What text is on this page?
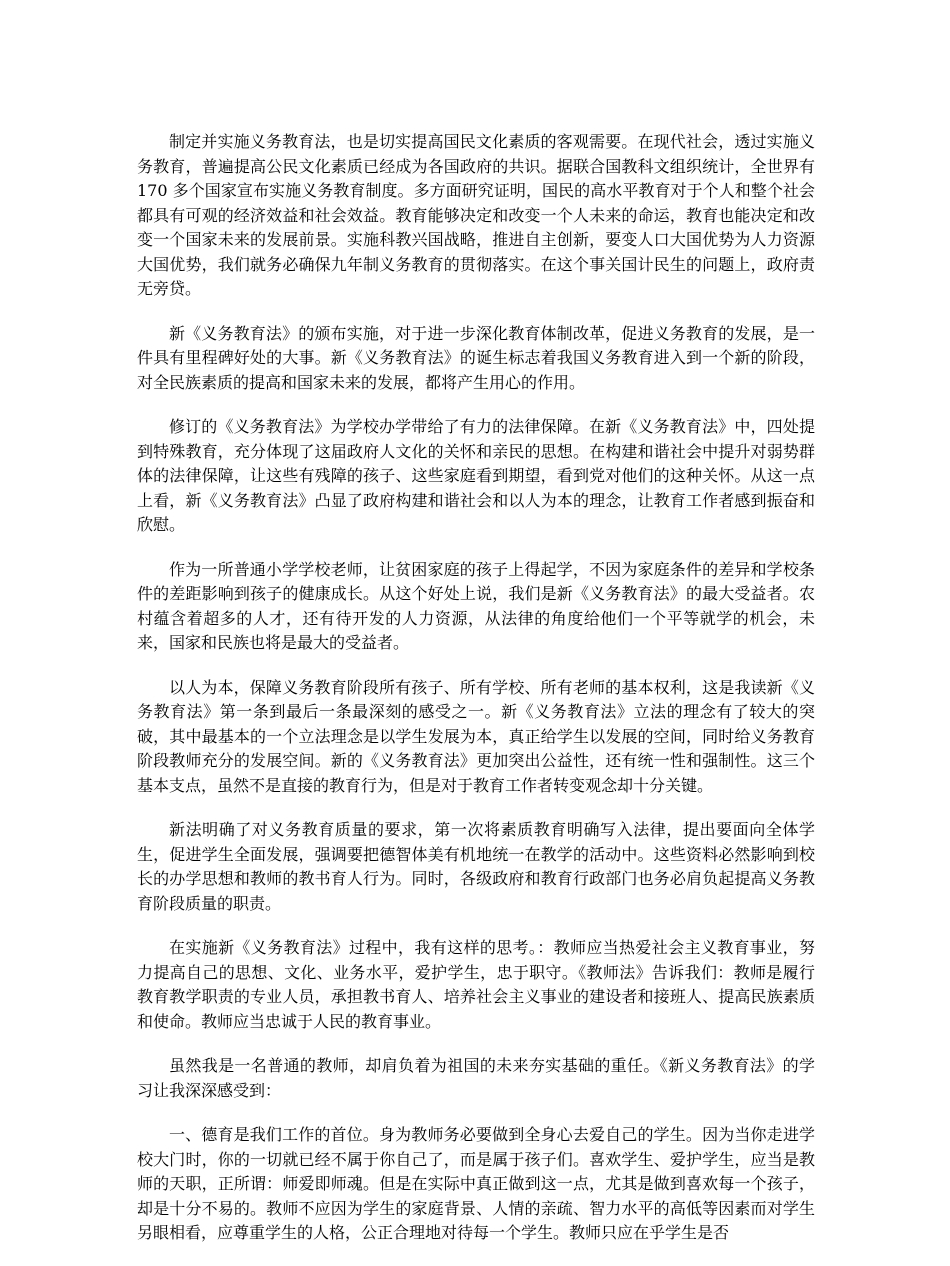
制定并实施义务教育法，也是切实提高国民文化素质的客观需要。在现代社会，透过实施义务教育，普遍提高公民文化素质已经成为各国政府的共识。据联合国教科文组织统计，全世界有 170 多个国家宣布实施义务教育制度。多方面研究证明，国民的高水平教育对于个人和整个社会都具有可观的经济效益和社会效益。教育能够决定和改变一个人未来的命运，教育也能决定和改变一个国家未来的发展前景。实施科教兴国战略，推进自主创新，要变人口大国优势为人力资源大国优势，我们就务必确保九年制义务教育的贯彻落实。在这个事关国计民生的问题上，政府责无旁贷。

新《义务教育法》的颁布实施，对于进一步深化教育体制改革，促进义务教育的发展，是一件具有里程碑好处的大事。新《义务教育法》的诞生标志着我国义务教育进入到一个新的阶段，对全民族素质的提高和国家未来的发展，都将产生用心的作用。

修订的《义务教育法》为学校办学带给了有力的法律保障。在新《义务教育法》中，四处提到特殊教育，充分体现了这届政府人文化的关怀和亲民的思想。在构建和谐社会中提升对弱势群体的法律保障，让这些有残障的孩子、这些家庭看到期望，看到党对他们的这种关怀。从这一点上看，新《义务教育法》凸显了政府构建和谐社会和以人为本的理念，让教育工作者感到振奋和欣慰。

作为一所普通小学学校老师，让贫困家庭的孩子上得起学，不因为家庭条件的差异和学校条件的差距影响到孩子的健康成长。从这个好处上说，我们是新《义务教育法》的最大受益者。农村蕴含着超多的人才，还有待开发的人力资源，从法律的角度给他们一个平等就学的机会，未来，国家和民族也将是最大的受益者。

以人为本，保障义务教育阶段所有孩子、所有学校、所有老师的基本权利，这是我读新《义务教育法》第一条到最后一条最深刻的感受之一。新《义务教育法》立法的理念有了较大的突破，其中最基本的一个立法理念是以学生发展为本，真正给学生以发展的空间，同时给义务教育阶段教师充分的发展空间。新的《义务教育法》更加突出公益性，还有统一性和强制性。这三个基本支点，虽然不是直接的教育行为，但是对于教育工作者转变观念却十分关键。

新法明确了对义务教育质量的要求，第一次将素质教育明确写入法律，提出要面向全体学生，促进学生全面发展，强调要把德智体美有机地统一在教学的活动中。这些资料必然影响到校长的办学思想和教师的教书育人行为。同时，各级政府和教育行政部门也务必肩负起提高义务教育阶段质量的职责。

在实施新《义务教育法》过程中，我有这样的思考。：教师应当热爱社会主义教育事业，努力提高自己的思想、文化、业务水平，爱护学生，忠于职守。《教师法》告诉我们：教师是履行教育教学职责的专业人员，承担教书育人、培养社会主义事业的建设者和接班人、提高民族素质和使命。教师应当忠诚于人民的教育事业。

虽然我是一名普通的教师，却肩负着为祖国的未来夯实基础的重任。《新义务教育法》的学习让我深深感受到：

一、德育是我们工作的首位。身为教师务必要做到全身心去爱自己的学生。因为当你走进学校大门时，你的一切就已经不属于你自己了，而是属于孩子们。喜欢学生、爱护学生，应当是教师的天职，正所谓：师爱即师魂。但是在实际中真正做到这一点，尤其是做到喜欢每一个孩子，却是十分不易的。教师不应因为学生的家庭背景、人情的亲疏、智力水平的高低等因素而对学生另眼相看，应尊重学生的人格，公正合理地对待每一个学生。教师只应在乎学生是否
